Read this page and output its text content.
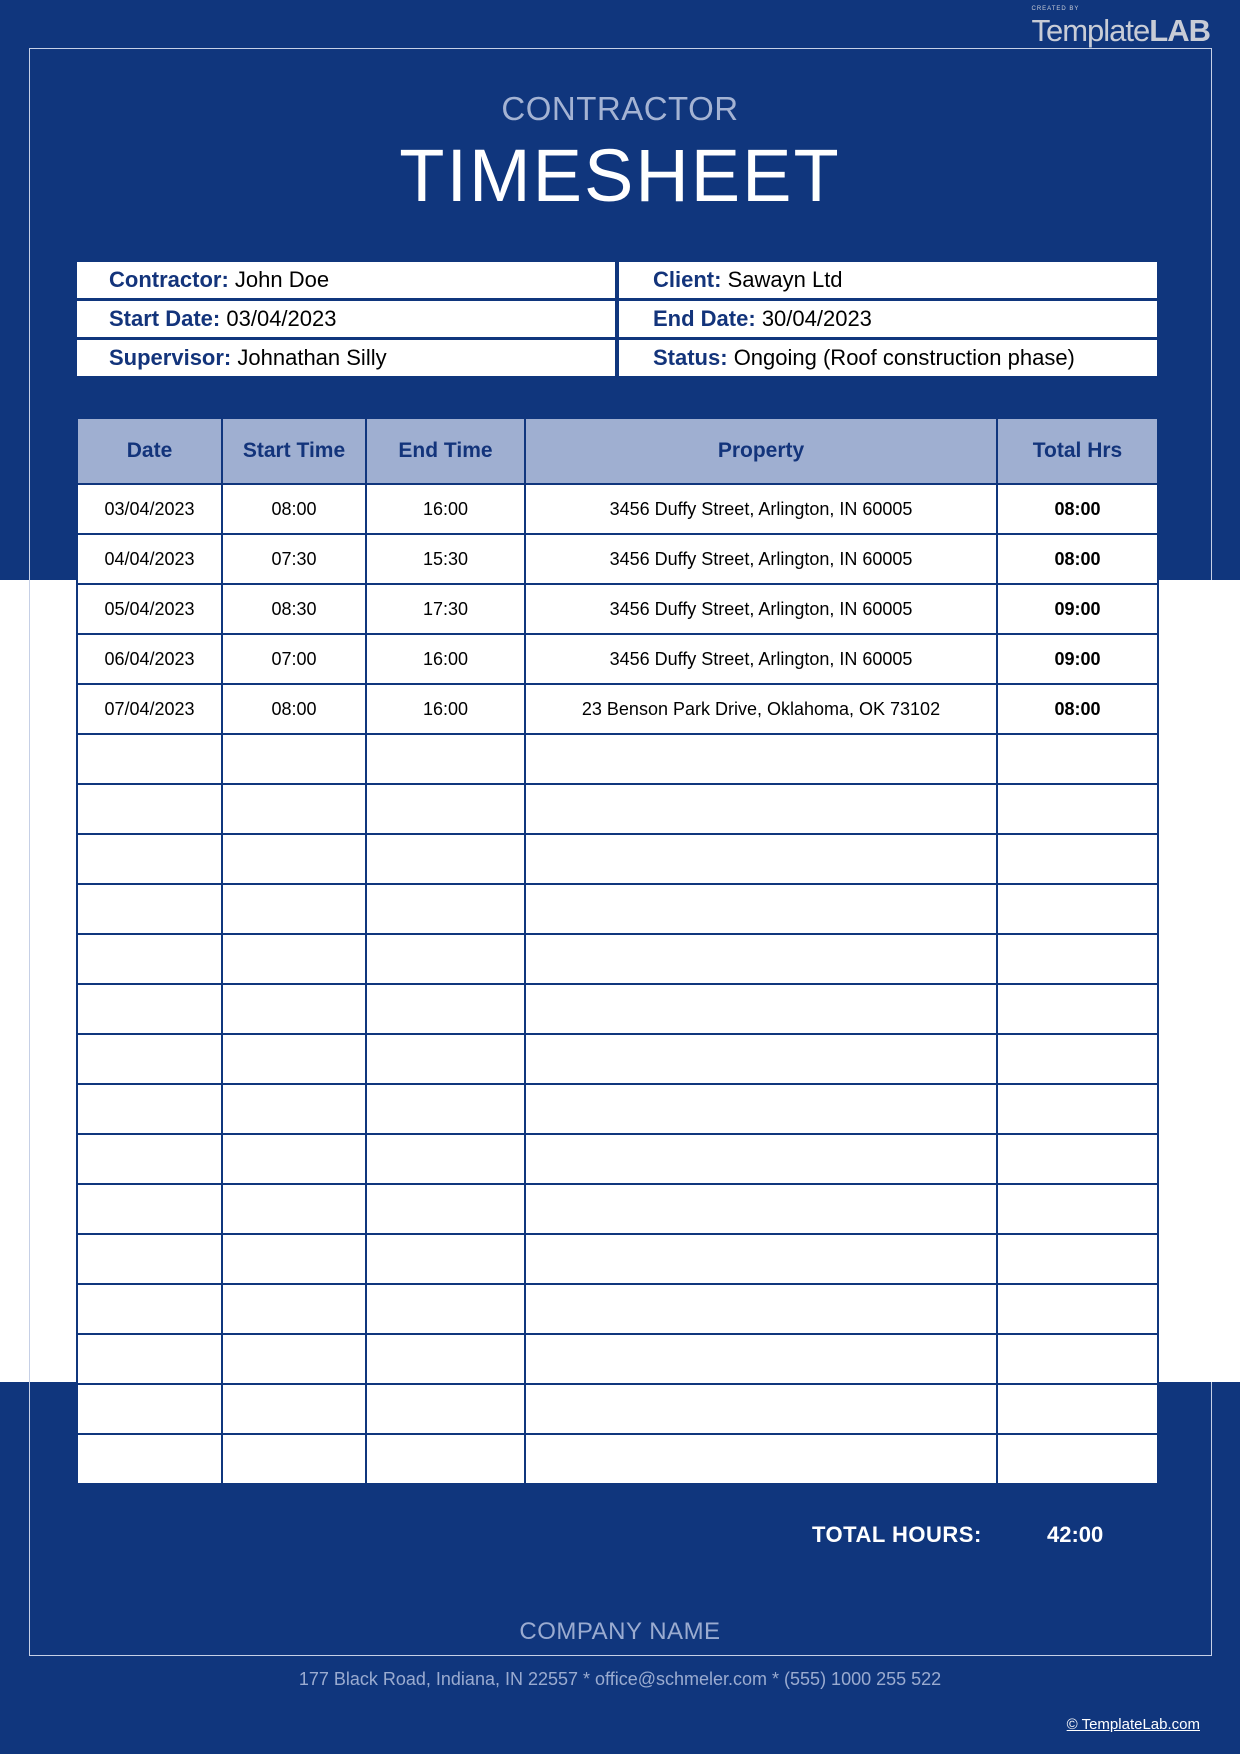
CREATED BY
TemplateLAB
CONTRACTOR
TIMESHEET
Contractor: John Doe	Client: Sawayn Ltd
Start Date: 03/04/2023	End Date: 30/04/2023
Supervisor: Johnathan Silly	Status: Ongoing (Roof construction phase)
Date	Start Time	End Time	Property	Total Hrs
03/04/2023	08:00	16:00	3456 Duffy Street, Arlington, IN 60005	08:00
04/04/2023	07:30	15:30	3456 Duffy Street, Arlington, IN 60005	08:00
05/04/2023	08:30	17:30	3456 Duffy Street, Arlington, IN 60005	09:00
06/04/2023	07:00	16:00	3456 Duffy Street, Arlington, IN 60005	09:00
07/04/2023	08:00	16:00	23 Benson Park Drive, Oklahoma, OK 73102	08:00

TOTAL HOURS:	42:00
COMPANY NAME
177 Black Road, Indiana, IN 22557 * office@schmeler.com * (555) 1000 255 522
© TemplateLab.com
